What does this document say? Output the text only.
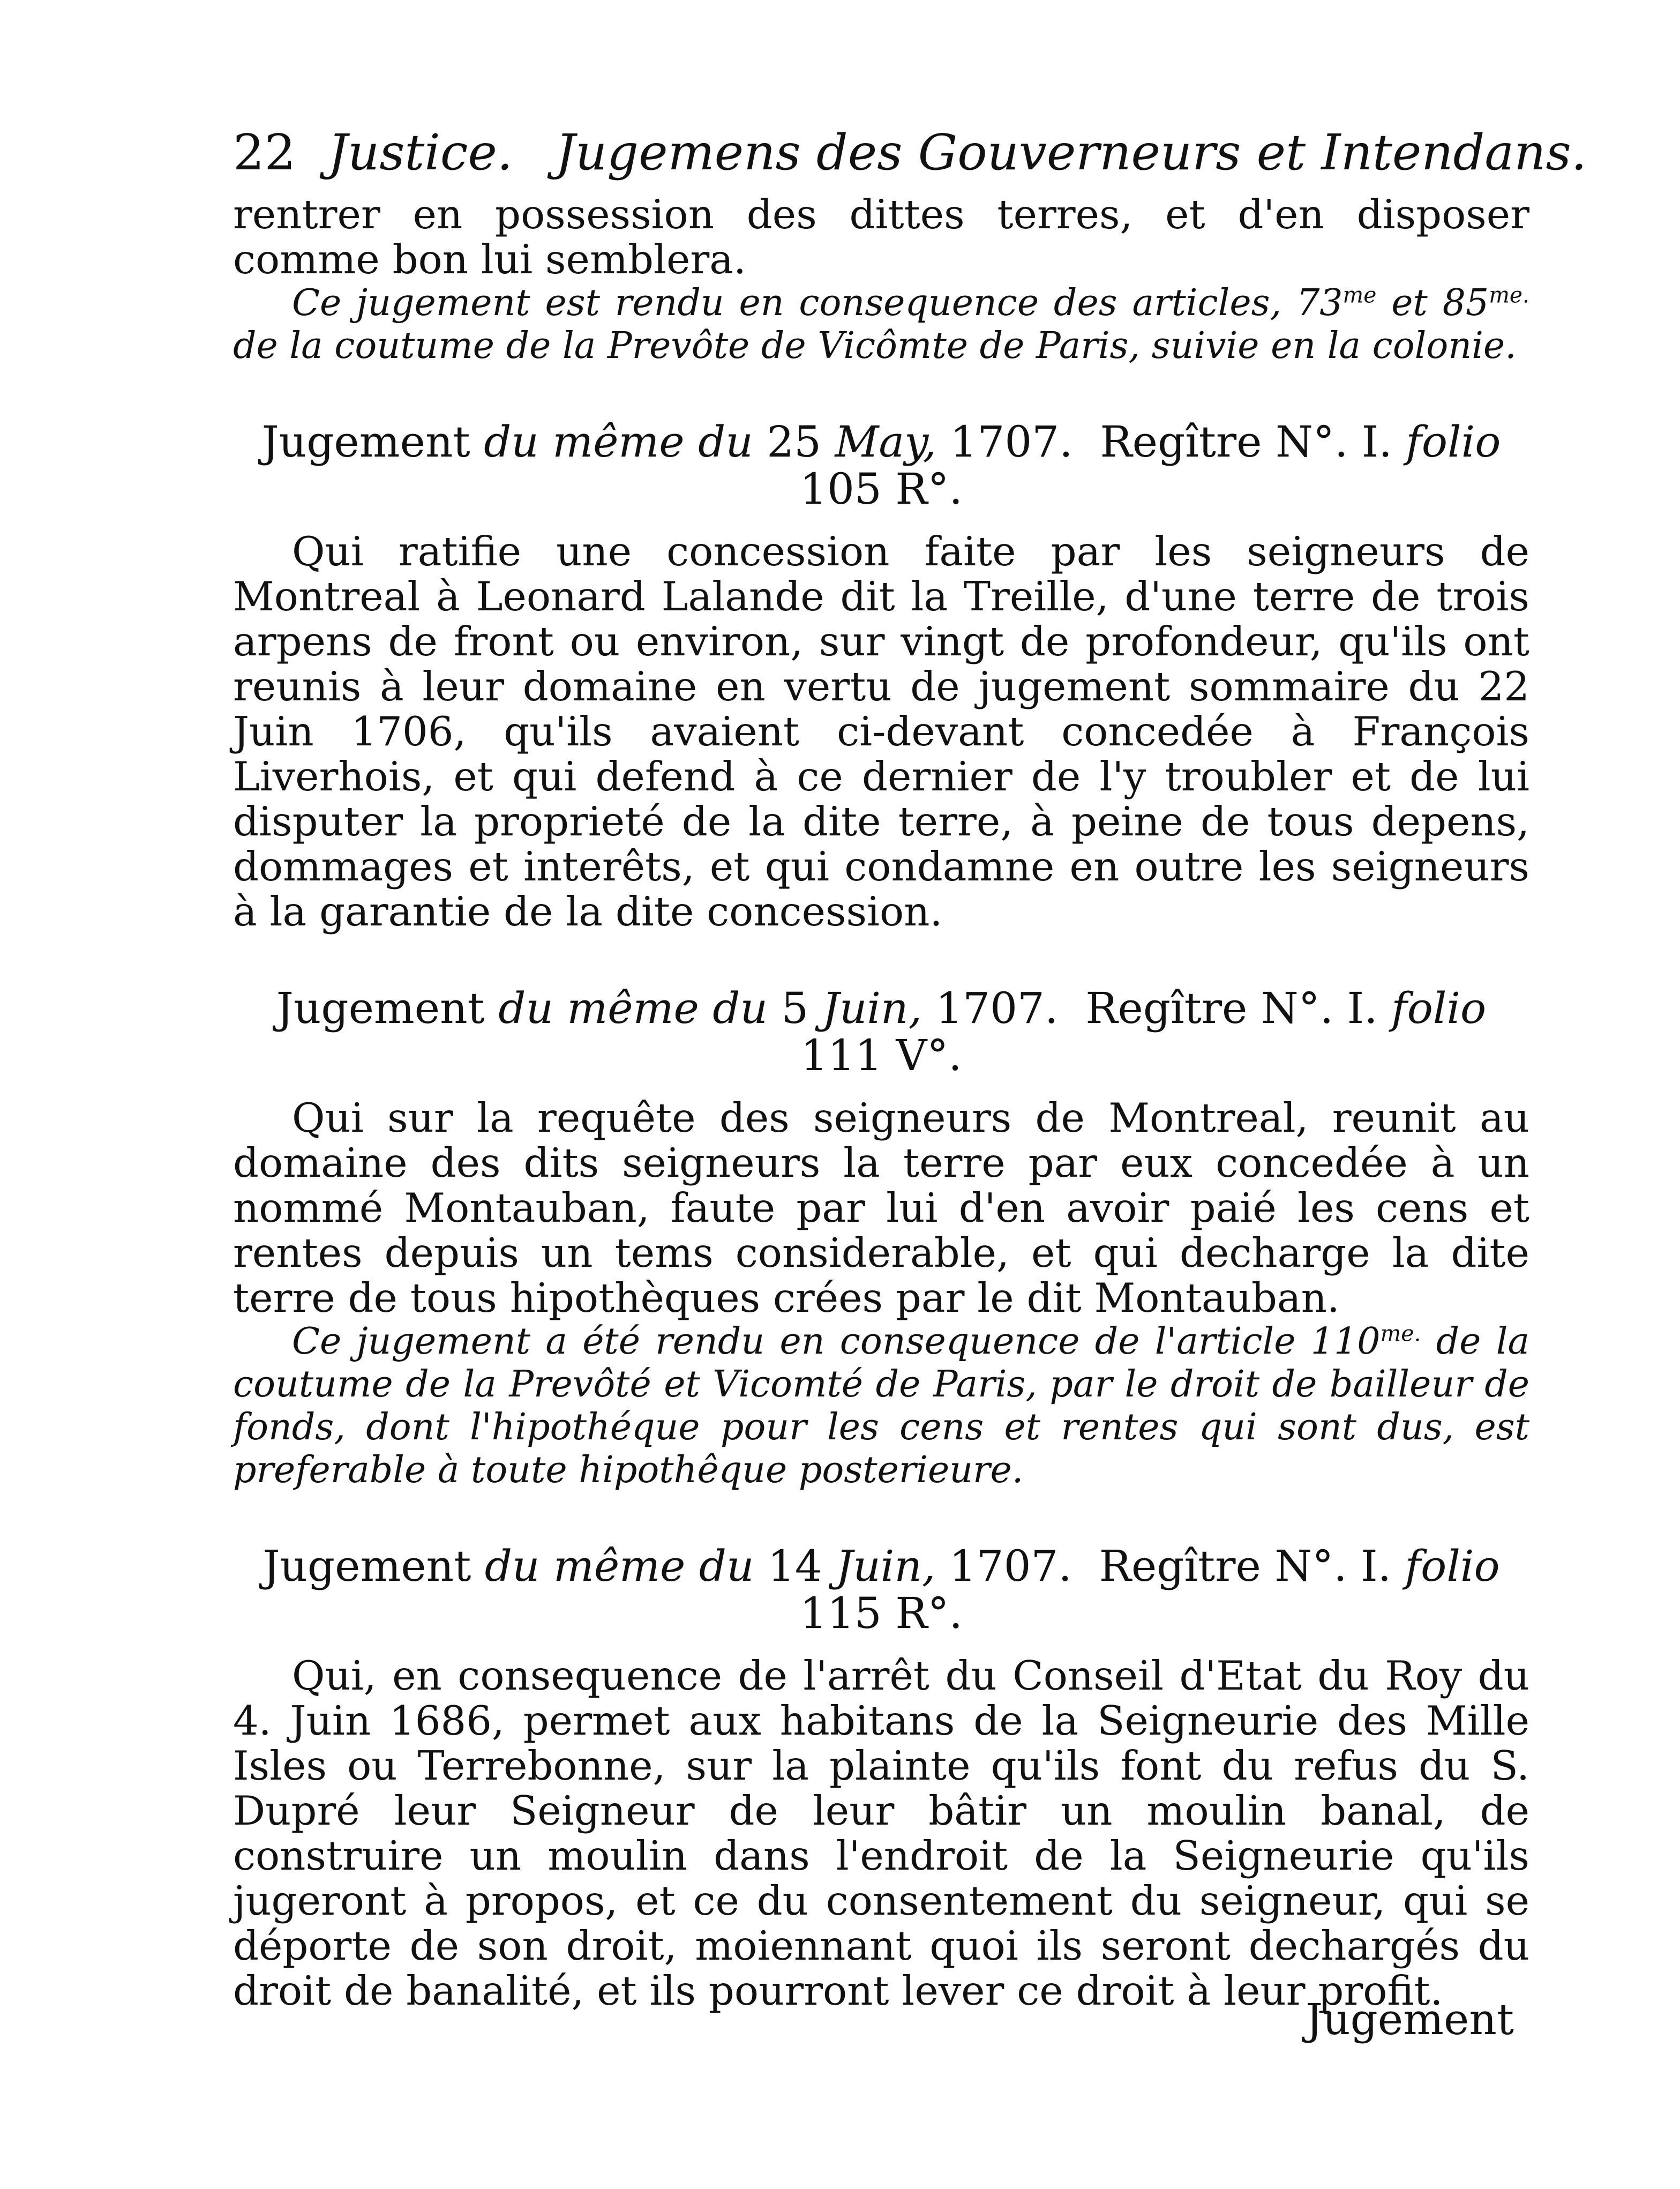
22 Justice. Jugemens des Gouverneurs et Intendans.

rentrer en possession des dittes terres, et d'en disposer comme bon lui semblera.

Ce jugement est rendu en consequence des articles, $73^{me}$ et $85^{me.}$ de la coutume de la Prevôte de Vicômte de Paris, suivie en la colonie.

Jugement du même du 25 May, 1707. Regître N°. I. folio
105 R°.

Qui ratifie une concession faite par les seigneurs de Montreal à Leonard Lalande dit la Treille, d'une terre de trois arpens de front ou environ, sur vingt de profondeur, qu'ils ont reunis à leur domaine en vertu de jugement sommaire du 22 Juin 1706, qu'ils avaient ci-devant concedée à François Liverhois, et qui defend à ce dernier de l'y troubler et de lui disputer la proprieté de la dite terre, à peine de tous depens, dommages et interêts, et qui condamne en outre les seigneurs à la garantie de la dite concession.

Jugement du même du 5 Juin, 1707. Regître N°. I. folio
111 V°.

Qui sur la requête des seigneurs de Montreal, reunit au domaine des dits seigneurs la terre par eux concedée à un nommé Montauban, faute par lui d'en avoir paié les cens et rentes depuis un tems considerable, et qui decharge la dite terre de tous hipothèques crées par le dit Montauban.

Ce jugement a été rendu en consequence de l'article $110^{me.}$ de la coutume de la Prevôté et Vicomté de Paris, par le droit de bailleur de fonds, dont l'hipothéque pour les cens et rentes qui sont dus, est preferable à toute hipothêque posterieure.

Jugement du même du 14 Juin, 1707. Regître N°. I. folio
115 R°.

Qui, en consequence de l'arrêt du Conseil d'Etat du Roy du 4. Juin 1686, permet aux habitans de la Seigneurie des Mille Isles ou Terrebonne, sur la plainte qu'ils font du refus du S. Dupré leur Seigneur de leur bâtir un moulin banal, de construire un moulin dans l'endroit de la Seigneurie qu'ils jugeront à propos, et ce du consentement du seigneur, qui se déporte de son droit, moiennant quoi ils seront dechargés du droit de banalité, et ils pourront lever ce droit à leur profit.

Jugement
